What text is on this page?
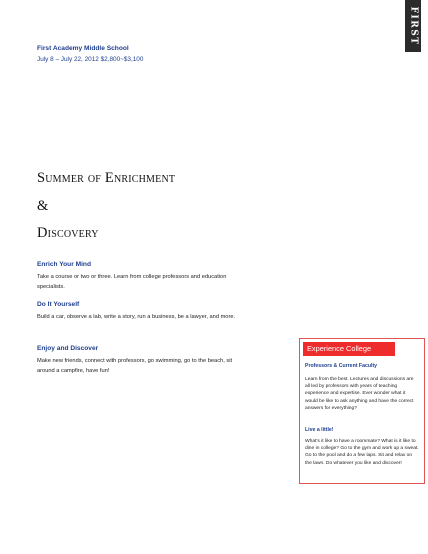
FIRST
First Academy Middle School
July 8 – July 22, 2012 $2,800~$3,100
Summer of Enrichment
&
Discovery
Enrich Your Mind

Take a course or two or three. Learn from college professors and education specialists.

Do It Yourself

Build a car, observe a lab, write a story, run a business, be a lawyer, and more.

Enjoy and Discover

Make new friends, connect with professors, go swimming, go to the beach, sit around a campfire, have fun!

Experience College
Professors & Current Faculty
Learn from the best. Lectures and discussions are all led by professors with years of teaching experience and expertise. Ever wonder what it would be like to ask anything and have the correct answers for everything?
Live a little!
What’s it like to have a roommate? What is it like to dine in college? Go to the gym and work up a sweat. Go to the pool and do a few laps. Sit and relax on the lawn. Do whatever you like and discover!
